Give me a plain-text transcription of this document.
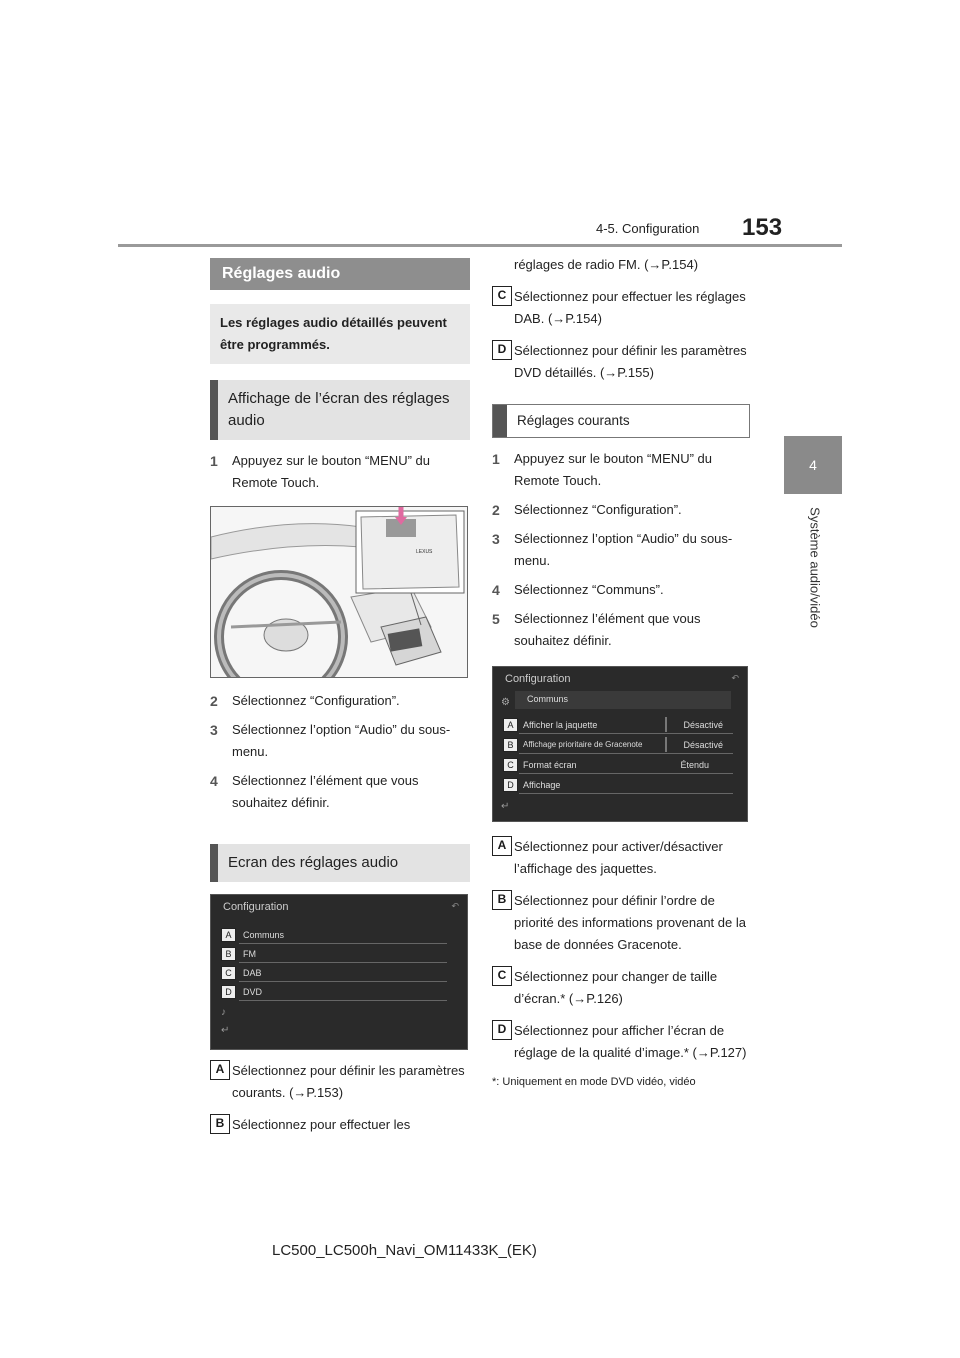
4-5. Configuration 153
4
Système audio/vidéo
Réglages audio
Les réglages audio détaillés peuvent être programmés.
Affichage de l’écran des réglages audio
1	Appuyez sur le bouton “MENU” du Remote Touch.
LEXUS
2	Sélectionnez “Configuration”.
3	Sélectionnez l’option “Audio” du sous-menu.
4	Sélectionnez l’élément que vous souhaitez définir.
Ecran des réglages audio
Configuration	↶
Communs
FM
DAB
DVD
A
B
C
D
♪
↵
A Sélectionnez pour définir les paramètres courants. (→P.153)
B Sélectionnez pour effectuer les
réglages de radio FM. (→P.154)
C Sélectionnez pour effectuer les réglages DAB. (→P.154)
D Sélectionnez pour définir les paramètres DVD détaillés. (→P.155)
Réglages courants
1	Appuyez sur le bouton “MENU” du Remote Touch.
2	Sélectionnez “Configuration”.
3	Sélectionnez l’option “Audio” du sous-menu.
4	Sélectionnez “Communs”.
5	Sélectionnez l’élément que vous souhaitez définir.
Configuration	↶
⚙ Communs
Afficher la jaquette	Désactivé
Affichage prioritaire de Gracenote	Désactivé
Format écran	Étendu
Affichage
A
B
C
D
↵
A Sélectionnez pour activer/désactiver l’affichage des jaquettes.
B Sélectionnez pour définir l’ordre de priorité des informations provenant de la base de données Gracenote.
C Sélectionnez pour changer de taille d’écran.* (→P.126)
D Sélectionnez pour afficher l’écran de réglage de la qualité d’image.* (→P.127)
*: Uniquement en mode DVD vidéo, vidéo
LC500_LC500h_Navi_OM11433K_(EK)
